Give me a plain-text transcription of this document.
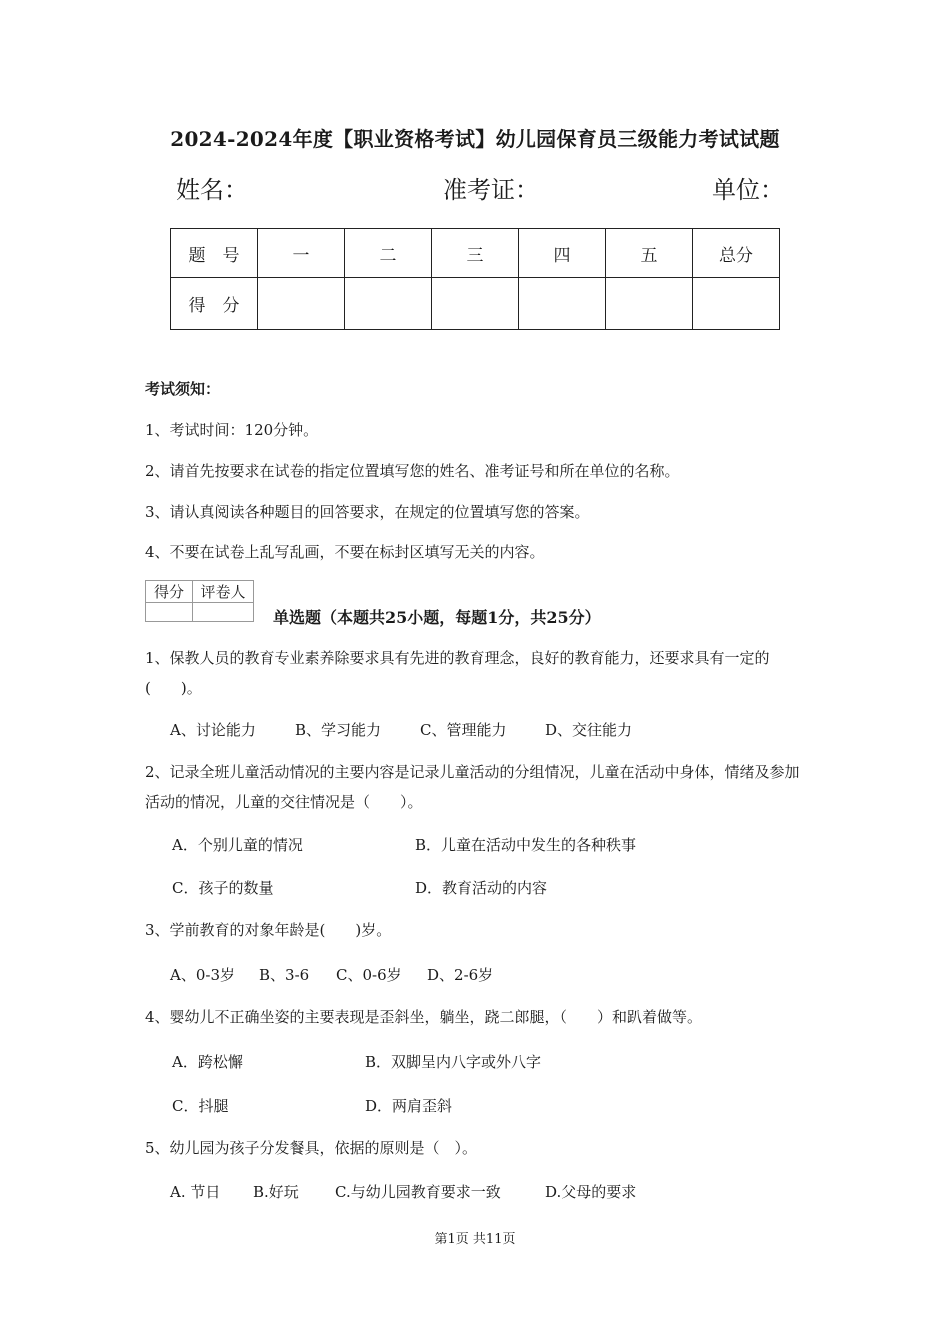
2024-2024年度【职业资格考试】幼儿园保育员三级能力考试试题
姓名：	准考证：	单位：
题　号	一	二	三	四	五	总分
得　分						
考试须知：
1、考试时间：120分钟。
2、请首先按要求在试卷的指定位置填写您的姓名、准考证号和所在单位的名称。
3、请认真阅读各种题目的回答要求，在规定的位置填写您的答案。
4、不要在试卷上乱写乱画，不要在标封区填写无关的内容。
得分	评卷人

单选题（本题共25小题，每题1分，共25分）
1、保教人员的教育专业素养除要求具有先进的教育理念，良好的教育能力，还要求具有一定的(　　)。
A、讨论能力	B、学习能力	C、管理能力	D、交往能力
2、记录全班儿童活动情况的主要内容是记录儿童活动的分组情况，儿童在活动中身体，情绪及参加活动的情况，儿童的交往情况是（　　）。
A．个别儿童的情况	B．儿童在活动中发生的各种秩事
C．孩子的数量	D．教育活动的内容
3、学前教育的对象年龄是(　　)岁。
A、0-3岁 B、3-6 C、0-6岁 D、2-6岁
4、婴幼儿不正确坐姿的主要表现是歪斜坐，躺坐，跷二郎腿，（　　）和趴着做等。
A．跨松懈	B．双脚呈内八字或外八字
C．抖腿	D．两肩歪斜
5、幼儿园为孩子分发餐具，依据的原则是（　）。
A. 节日 B.好玩 C.与幼儿园教育要求一致	D.父母的要求
第1页 共11页
